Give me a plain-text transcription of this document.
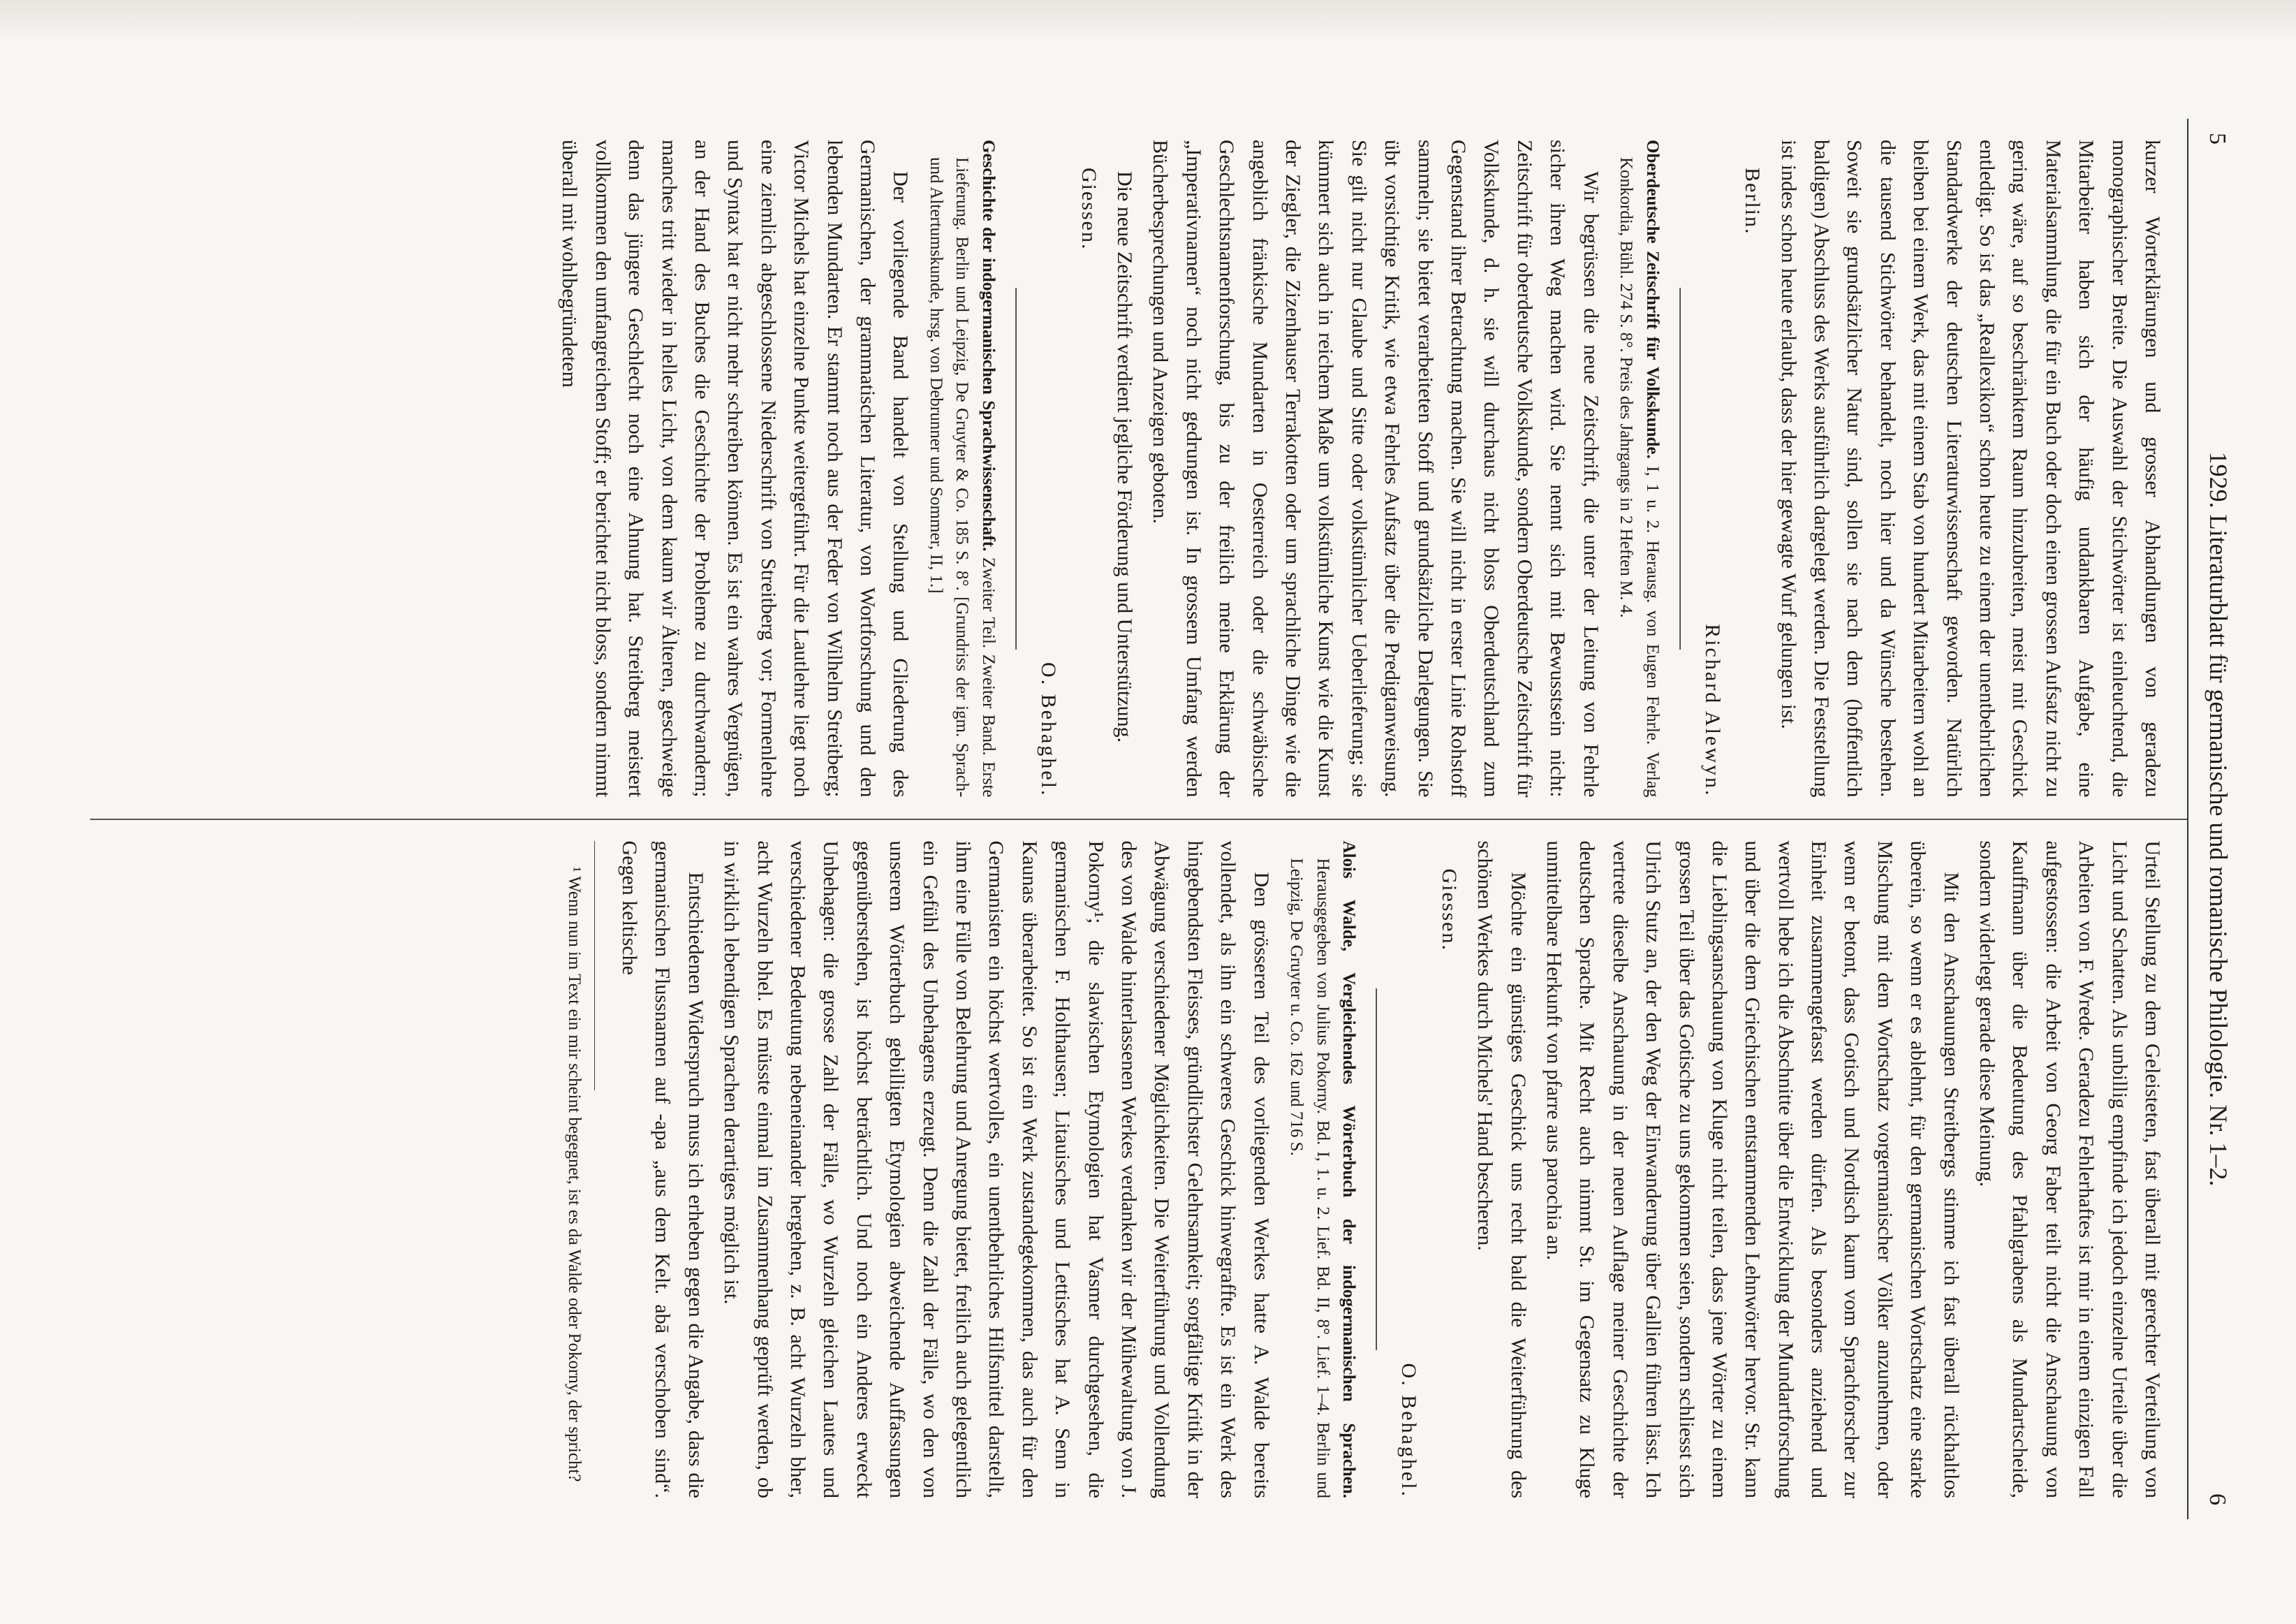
5
1929. Literaturblatt für germanische und romanische Philologie. Nr. 1–2.
6

kurzer Worterklärungen und grosser Abhandlungen von geradezu monographischer Breite. Die Auswahl der Stichwörter ist einleuchtend, die Mitarbeiter haben sich der häufig undankbaren Aufgabe, eine Materialsammlung, die für ein Buch oder doch einen grossen Aufsatz nicht zu gering wäre, auf so beschränktem Raum hinzubreiten, meist mit Geschick entledigt. So ist das „Reallexikon“ schon heute zu einem der unentbehrlichen Standardwerke der deutschen Literaturwissenschaft geworden. Natürlich bleiben bei einem Werk, das mit einem Stab von hundert Mitarbeitern wohl an die tausend Stichwörter behandelt, noch hier und da Wünsche bestehen. Soweit sie grundsätzlicher Natur sind, sollen sie nach dem (hoffentlich baldigen) Abschluss des Werks ausführlich dargelegt werden. Die Feststellung ist indes schon heute erlaubt, dass der hier gewagte Wurf gelungen ist.

Berlin.
Richard Alewyn.
Oberdeutsche Zeitschrift für Volkskunde. I, 1 u. 2. Herausg. von Eugen Fehrle. Verlag Konkordia, Bühl. 274 S. 8°. Preis des Jahrgangs in 2 Heften M. 4.

Wir begrüssen die neue Zeitschrift, die unter der Leitung von Fehrle sicher ihren Weg machen wird. Sie nennt sich mit Bewusstsein nicht: Zeitschrift für oberdeutsche Volkskunde, sondern Oberdeutsche Zeitschrift für Volkskunde, d. h. sie will durchaus nicht bloss Oberdeutschland zum Gegenstand ihrer Betrachtung machen. Sie will nicht in erster Linie Rohstoff sammeln; sie bietet verarbeiteten Stoff und grundsätzliche Darlegungen. Sie übt vorsichtige Kritik, wie etwa Fehrles Aufsatz über die Predigtanweisung. Sie gilt nicht nur Glaube und Sitte oder volkstümlicher Ueberlieferung; sie kümmert sich auch in reichem Maße um volkstümliche Kunst wie die Kunst der Ziegler, die Zizenhauser Terrakotten oder um sprachliche Dinge wie die angeblich fränkische Mundarten in Oesterreich oder die schwäbische Geschlechtsnamenforschung, bis zu der freilich meine Erklärung der „Imperativnamen“ noch nicht gedrungen ist. In grossem Umfang werden Bücherbesprechungen und Anzeigen geboten.

Die neue Zeitschrift verdient jegliche Förderung und Unterstützung.

Giessen.
O. Behaghel.
Geschichte der indogermanischen Sprachwissenschaft. Zweiter Teil. Zweiter Band. Erste Lieferung. Berlin und Leipzig, De Gruyter & Co. 185 S. 8°. [Grundriss der igm. Sprach- und Altertumskunde, hrsg. von Debrunner und Sommer, II, 1.]

Der vorliegende Band handelt von Stellung und Gliederung des Germanischen, der grammatischen Literatur, von Wortforschung und den lebenden Mundarten. Er stammt noch aus der Feder von Wilhelm Streitberg; Victor Michels hat einzelne Punkte weitergeführt. Für die Lautlehre liegt noch eine ziemlich abgeschlossene Niederschrift von Streitberg vor; Formenlehre und Syntax hat er nicht mehr schreiben können. Es ist ein wahres Vergnügen, an der Hand des Buches die Geschichte der Probleme zu durchwandern; manches tritt wieder in helles Licht, von dem kaum wir Älteren, geschweige denn das jüngere Geschlecht noch eine Ahnung hat. Streitberg meistert vollkommen den umfangreichen Stoff; er berichtet nicht bloss, sondern nimmt überall mit wohlbegründetem

Urteil Stellung zu dem Geleisteten, fast überall mit gerechter Verteilung von Licht und Schatten. Als unbillig empfinde ich jedoch einzelne Urteile über die Arbeiten von F. Wrede. Geradezu Fehlerhaftes ist mir in einem einzigen Fall aufgestossen: die Arbeit von Georg Faber teilt nicht die Anschauung von Kauffmann über die Bedeutung des Pfahlgrabens als Mundartscheide, sondern widerlegt gerade diese Meinung.

Mit den Anschauungen Streitbergs stimme ich fast überall rückhaltlos überein, so wenn er es ablehnt, für den germanischen Wortschatz eine starke Mischung mit dem Wortschatz vorgermanischer Völker anzunehmen, oder wenn er betont, dass Gotisch und Nordisch kaum vom Sprachforscher zur Einheit zusammengefasst werden dürfen. Als besonders anziehend und wertvoll hebe ich die Abschnitte über die Entwicklung der Mundartforschung und über die dem Griechischen entstammenden Lehnwörter hervor. Str. kann die Lieblingsanschauung von Kluge nicht teilen, dass jene Wörter zu einem grossen Teil über das Gotische zu uns gekommen seien, sondern schliesst sich Ulrich Stutz an, der den Weg der Einwanderung über Gallien führen lässt. Ich vertrete dieselbe Anschauung in der neuen Auflage meiner Geschichte der deutschen Sprache. Mit Recht auch nimmt St. im Gegensatz zu Kluge unmittelbare Herkunft von pfarre aus parochia an.

Möchte ein günstiges Geschick uns recht bald die Weiterführung des schönen Werkes durch Michels' Hand bescheren.

Giessen.
O. Behaghel.
Alois Walde, Vergleichendes Wörterbuch der indogermanischen Sprachen. Herausgegeben von Julius Pokorny. Bd. I, 1. u. 2. Lief. Bd. II, 8°. Lief. 1–4. Berlin und Leipzig, De Gruyter u. Co. 162 und 716 S.

Den grösseren Teil des vorliegenden Werkes hatte A. Walde bereits vollendet, als ihn ein schweres Geschick hinwegraffte. Es ist ein Werk des hingebendsten Fleisses, gründlichster Gelehrsamkeit; sorgfältige Kritik in der Abwägung verschiedener Möglichkeiten. Die Weiterführung und Vollendung des von Walde hinterlassenen Werkes verdanken wir der Mühewaltung von J. Pokorny¹; die slawischen Etymologien hat Vasmer durchgesehen, die germanischen F. Holthausen; Litauisches und Lettisches hat A. Senn in Kaunas überarbeitet. So ist ein Werk zustandegekommen, das auch für den Germanisten ein höchst wertvolles, ein unentbehrliches Hilfsmittel darstellt, ihm eine Fülle von Belehrung und Anregung bietet, freilich auch gelegentlich ein Gefühl des Unbehagens erzeugt. Denn die Zahl der Fälle, wo den von unserem Wörterbuch gebilligten Etymologien abweichende Auffassungen gegenüberstehen, ist höchst beträchtlich. Und noch ein Anderes erweckt Unbehagen: die grosse Zahl der Fälle, wo Wurzeln gleichen Lautes und verschiedener Bedeutung nebeneinander hergehen, z. B. acht Wurzeln bher, acht Wurzeln bhel. Es müsste einmal im Zusammenhang geprüft werden, ob in wirklich lebendigen Sprachen derartiges möglich ist.

Entschiedenen Widerspruch muss ich erheben gegen die Angabe, dass die germanischen Flussnamen auf -apa „aus dem Kelt. abā verschoben sind“. Gegen keltische

¹ Wenn nun im Text ein mir scheint begegnet, ist es da Walde oder Pokorny, der spricht?
